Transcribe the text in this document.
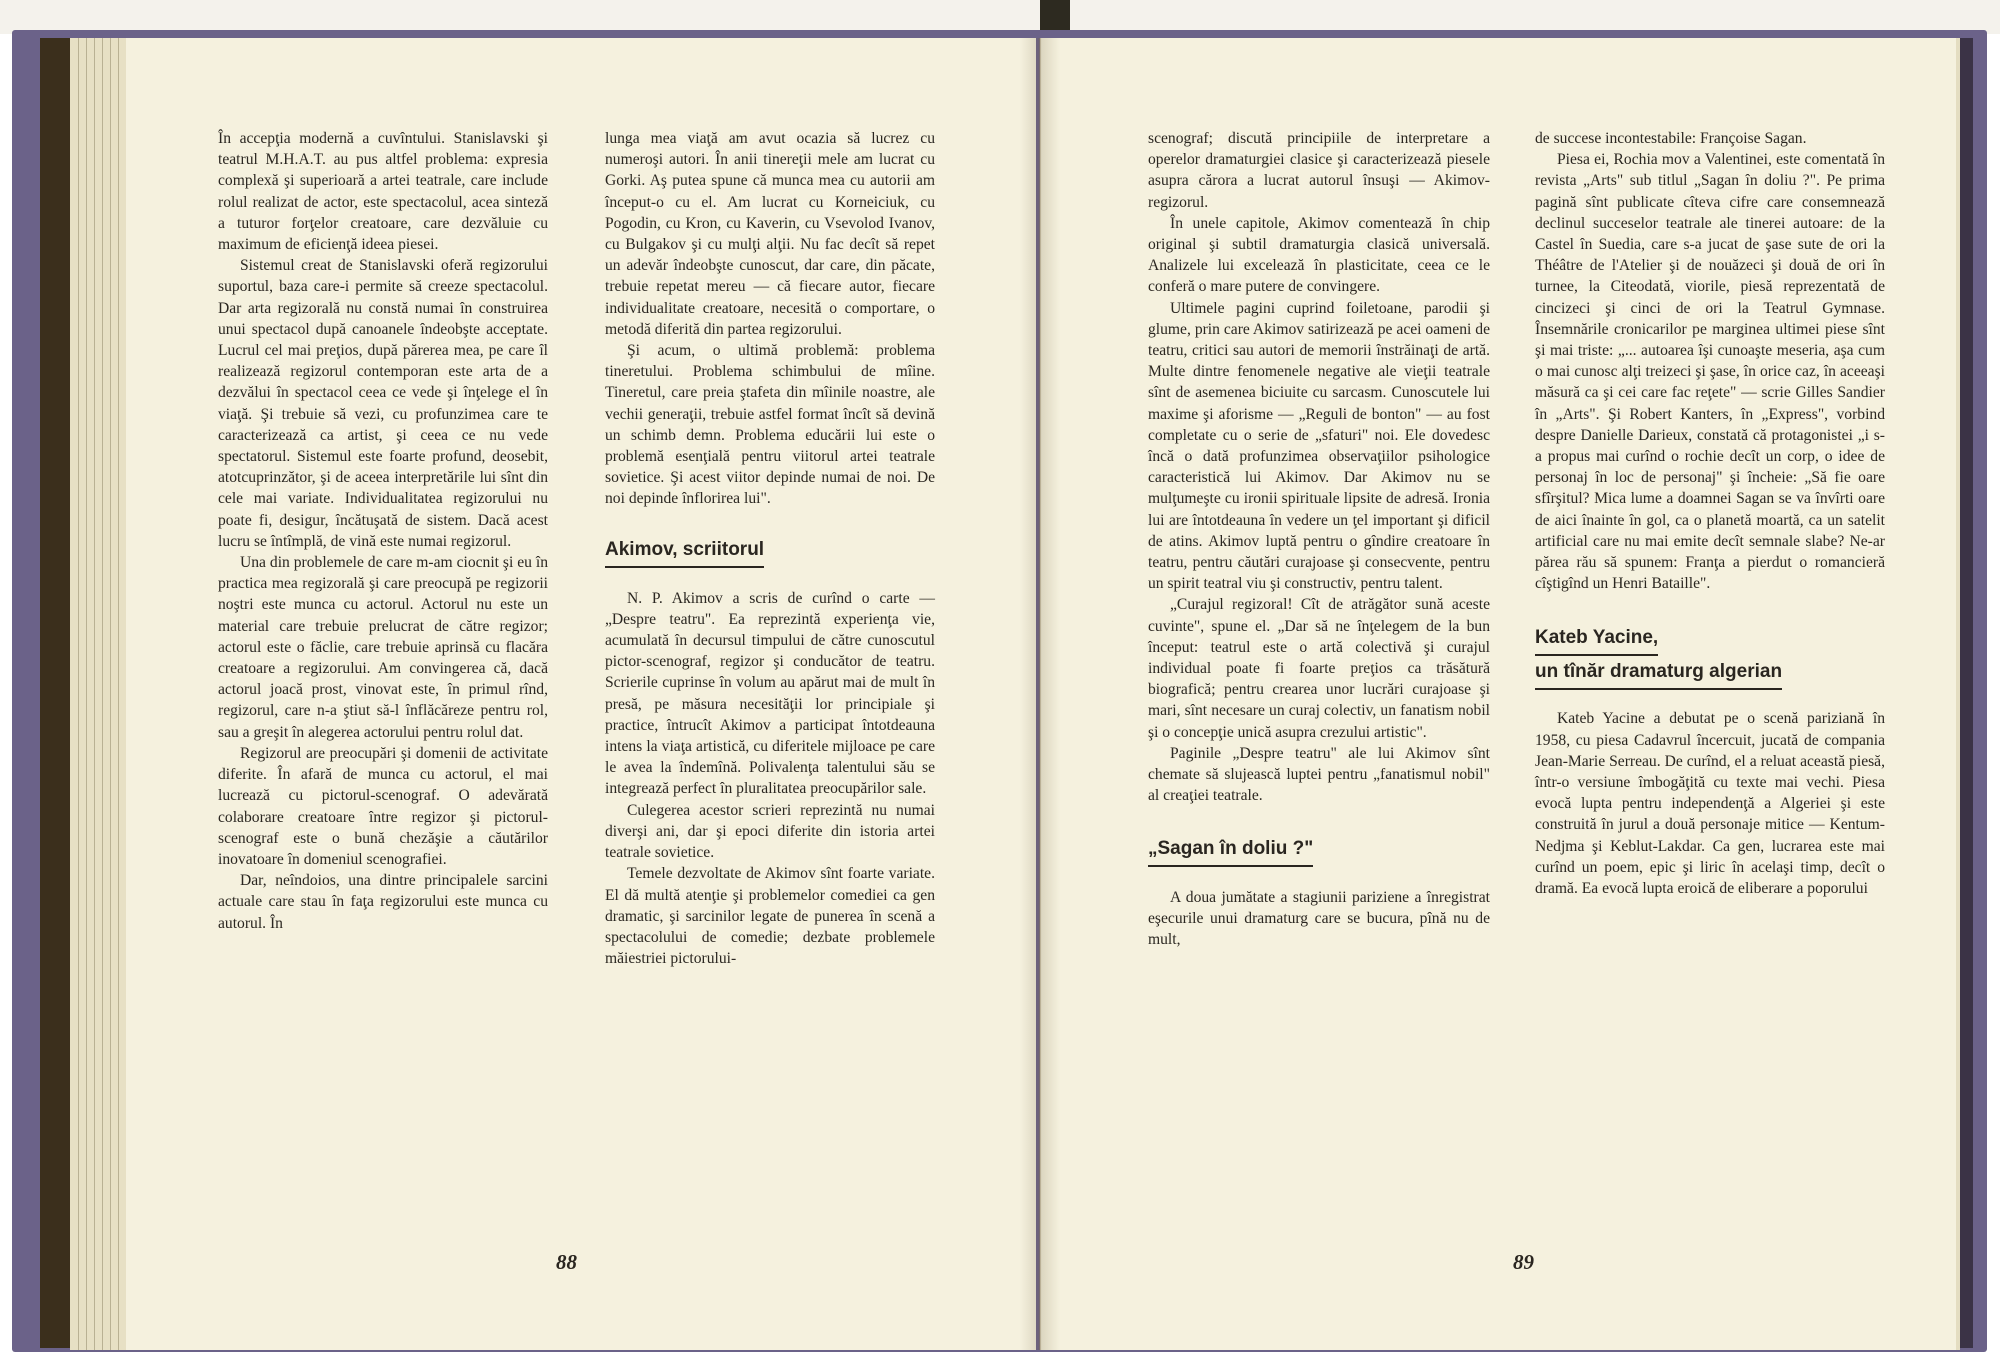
În accepţia modernă a cuvîntului. Stanislavski şi teatrul M.H.A.T. au pus altfel problema: expresia complexă şi superioară a artei teatrale, care include rolul realizat de actor, este spectacolul, acea sinteză a tuturor forţelor creatoare, care dezvăluie cu maximum de eficienţă ideea piesei.

Sistemul creat de Stanislavski oferă regizorului suportul, baza care-i permite să creeze spectacolul. Dar arta regizorală nu constă numai în construirea unui spectacol după canoanele îndeobşte acceptate. Lucrul cel mai preţios, după părerea mea, pe care îl realizează regizorul contemporan este arta de a dezvălui în spectacol ceea ce vede şi înţelege el în viaţă. Şi trebuie să vezi, cu profunzimea care te caracterizează ca artist, şi ceea ce nu vede spectatorul. Sistemul este foarte profund, deosebit, atotcuprinzător, şi de aceea interpretările lui sînt din cele mai variate. Individualitatea regizorului nu poate fi, desigur, încătuşată de sistem. Dacă acest lucru se întîmplă, de vină este numai regizorul.

Una din problemele de care m-am ciocnit şi eu în practica mea regizorală şi care preocupă pe regizorii noştri este munca cu actorul. Actorul nu este un material care trebuie prelucrat de către regizor; actorul este o făclie, care trebuie aprinsă cu flacăra creatoare a regizorului. Am convingerea că, dacă actorul joacă prost, vinovat este, în primul rînd, regizorul, care n-a ştiut să-l înflăcăreze pentru rol, sau a greşit în alegerea actorului pentru rolul dat.

Regizorul are preocupări şi domenii de activitate diferite. În afară de munca cu actorul, el mai lucrează cu pictorul-scenograf. O adevărată colaborare creatoare între regizor şi pictorul-scenograf este o bună chezăşie a căutărilor inovatoare în domeniul scenografiei.

Dar, neîndoios, una dintre principalele sarcini actuale care stau în faţa regizorului este munca cu autorul. În

lunga mea viaţă am avut ocazia să lucrez cu numeroşi autori. În anii tinereţii mele am lucrat cu Gorki. Aş putea spune că munca mea cu autorii am început-o cu el. Am lucrat cu Korneiciuk, cu Pogodin, cu Kron, cu Kaverin, cu Vsevolod Ivanov, cu Bulgakov şi cu mulţi alţii. Nu fac decît să repet un adevăr îndeobşte cunoscut, dar care, din păcate, trebuie repetat mereu — că fiecare autor, fiecare individualitate creatoare, necesită o comportare, o metodă diferită din partea regizorului.

Şi acum, o ultimă problemă: problema tineretului. Problema schimbului de mîine. Tineretul, care preia ştafeta din mîinile noastre, ale vechii generaţii, trebuie astfel format încît să devină un schimb demn. Problema educării lui este o problemă esenţială pentru viitorul artei teatrale sovietice. Şi acest viitor depinde numai de noi. De noi depinde înflorirea lui".

Akimov, scriitorul

N. P. Akimov a scris de curînd o carte — „Despre teatru". Ea reprezintă experienţa vie, acumulată în decursul timpului de către cunoscutul pictor-scenograf, regizor şi conducător de teatru. Scrierile cuprinse în volum au apărut mai de mult în presă, pe măsura necesităţii lor principiale şi practice, întrucît Akimov a participat întotdeauna intens la viaţa artistică, cu diferitele mijloace pe care le avea la îndemînă. Polivalenţa talentului său se integrează perfect în pluralitatea preocupărilor sale.

Culegerea acestor scrieri reprezintă nu numai diverşi ani, dar şi epoci diferite din istoria artei teatrale sovietice.

Temele dezvoltate de Akimov sînt foarte variate. El dă multă atenţie şi problemelor comediei ca gen dramatic, şi sarcinilor legate de punerea în scenă a spectacolului de comedie; dezbate problemele măiestriei pictorului-

88

scenograf; discută principiile de interpretare a operelor dramaturgiei clasice şi caracterizează piesele asupra cărora a lucrat autorul însuşi — Akimov-regizorul.

În unele capitole, Akimov comentează în chip original şi subtil dramaturgia clasică universală. Analizele lui excelează în plasticitate, ceea ce le conferă o mare putere de convingere.

Ultimele pagini cuprind foiletoane, parodii şi glume, prin care Akimov satirizează pe acei oameni de teatru, critici sau autori de memorii înstrăinaţi de artă. Multe dintre fenomenele negative ale vieţii teatrale sînt de asemenea biciuite cu sarcasm. Cunoscutele lui maxime şi aforisme — „Reguli de bonton" — au fost completate cu o serie de „sfaturi" noi. Ele dovedesc încă o dată profunzimea observaţiilor psihologice caracteristică lui Akimov. Dar Akimov nu se mulţumeşte cu ironii spirituale lipsite de adresă. Ironia lui are întotdeauna în vedere un ţel important şi dificil de atins. Akimov luptă pentru o gîndire creatoare în teatru, pentru căutări curajoase şi consecvente, pentru un spirit teatral viu şi constructiv, pentru talent.

„Curajul regizoral! Cît de atrăgător sună aceste cuvinte", spune el. „Dar să ne înţelegem de la bun început: teatrul este o artă colectivă şi curajul individual poate fi foarte preţios ca trăsătură biografică; pentru crearea unor lucrări curajoase şi mari, sînt necesare un curaj colectiv, un fanatism nobil şi o concepţie unică asupra crezului artistic".

Paginile „Despre teatru" ale lui Akimov sînt chemate să slujească luptei pentru „fanatismul nobil" al creaţiei teatrale.

„Sagan în doliu ?"

A doua jumătate a stagiunii pariziene a înregistrat eşecurile unui dramaturg care se bucura, pînă nu de mult,

de succese incontestabile: Françoise Sagan.

Piesa ei, Rochia mov a Valentinei, este comentată în revista „Arts" sub titlul „Sagan în doliu ?". Pe prima pagină sînt publicate cîteva cifre care consemnează declinul succeselor teatrale ale tinerei autoare: de la Castel în Suedia, care s-a jucat de şase sute de ori la Théâtre de l'Atelier şi de nouăzeci şi două de ori în turnee, la Citeodată, viorile, piesă reprezentată de cincizeci şi cinci de ori la Teatrul Gymnase. Însemnările cronicarilor pe marginea ultimei piese sînt şi mai triste: „... autoarea îşi cunoaşte meseria, aşa cum o mai cunosc alţi treizeci şi şase, în orice caz, în aceeaşi măsură ca şi cei care fac reţete" — scrie Gilles Sandier în „Arts". Şi Robert Kanters, în „Express", vorbind despre Danielle Darieux, constată că protagonistei „i s-a propus mai curînd o rochie decît un corp, o idee de personaj în loc de personaj" şi încheie: „Să fie oare sfîrşitul? Mica lume a doamnei Sagan se va învîrti oare de aici înainte în gol, ca o planetă moartă, ca un satelit artificial care nu mai emite decît semnale slabe? Ne-ar părea rău să spunem: Franţa a pierdut o romancieră cîştigînd un Henri Bataille".

Kateb Yacine,
un tînăr dramaturg algerian

Kateb Yacine a debutat pe o scenă pariziană în 1958, cu piesa Cadavrul încercuit, jucată de compania Jean-Marie Serreau. De curînd, el a reluat această piesă, într-o versiune îmbogăţită cu texte mai vechi. Piesa evocă lupta pentru independenţă a Algeriei şi este construită în jurul a două personaje mitice — Kentum-Nedjma şi Keblut-Lakdar. Ca gen, lucrarea este mai curînd un poem, epic şi liric în acelaşi timp, decît o dramă. Ea evocă lupta eroică de eliberare a poporului

89
